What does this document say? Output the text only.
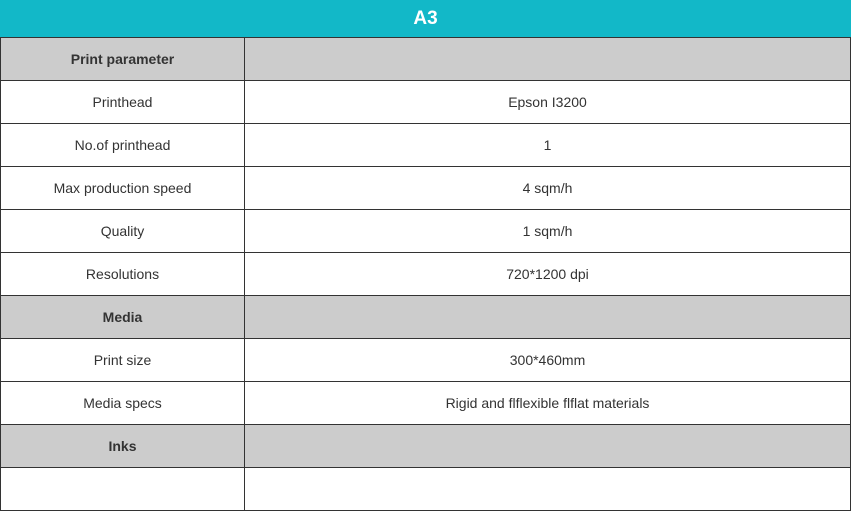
A3	
Print parameter	
Printhead	Epson I3200
No.of printhead	1
Max production speed	4 sqm/h
Quality	1 sqm/h
Resolutions	720*1200 dpi
Media	
Print size	300*460mm
Media specs	Rigid and flflexible flflat materials
Inks	
